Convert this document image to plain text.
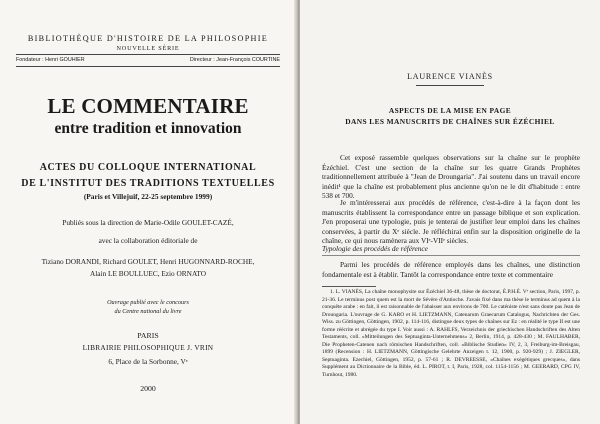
BIBLIOTHÈQUE D'HISTOIRE DE LA PHILOSOPHIE
NOUVELLE SÉRIE
Fondateur : Henri GOUHIER	Directeur : Jean-François COURTINE
LE COMMENTAIRE
entre tradition et innovation
ACTES DU COLLOQUE INTERNATIONAL
DE L'INSTITUT DES TRADITIONS TEXTUELLES
(Paris et Villejuif, 22-25 septembre 1999)
Publiés sous la direction de Marie-Odile GOULET-CAZÉ,
avec la collaboration éditoriale de
Tiziano DORANDI, Richard GOULET, Henri HUGONNARD-ROCHE,
Alain LE BOULLUEC, Ezio ORNATO
Ouvrage publié avec le concours
du Centre national du livre
PARIS
LIBRAIRIE PHILOSOPHIQUE J. VRIN
6, Place de la Sorbonne, Vᵉ
2000
LAURENCE VIANÈS
ASPECTS DE LA MISE EN PAGE
DANS LES MANUSCRITS DE CHAÎNES SUR ÉZÉCHIEL
Cet exposé rassemble quelques observations sur la chaîne sur le prophète Ézéchiel. C'est une section de la chaîne sur les quatre Grands Prophètes traditionnellement attribuée à "Jean de Droungaria". J'ai soutenu dans un travail encore inédit¹ que la chaîne est probablement plus ancienne qu'on ne le dit d'habitude : entre 538 et 700.
Je m'intéresserai aux procédés de référence, c'est-à-dire à la façon dont les manuscrits établissent la correspondance entre un passage biblique et son explication. J'en proposerai une typologie, puis je tenterai de justifier leur emploi dans les chaînes conservées, à partir du Xᵉ siècle. Je réfléchirai enfin sur la disposition originelle de la chaîne, ce qui nous ramènera aux VIᵉ-VIIᵉ siècles.
Typologie des procédés de référence
Parmi les procédés de référence employés dans les chaînes, une distinction fondamentale est à établir. Tantôt la correspondance entre texte et commentaire
1. L. VIANÈS, La chaîne monophysite sur Ézéchiel 36-48, thèse de doctorat, É.P.H.É. Vᵉ section, Paris, 1997, p. 21-36. Le terminus post quem est la mort de Sévère d'Antioche. J'avais fixé dans ma thèse le terminus ad quem à la conquête arabe : en fait, il est raisonnable de l'abaisser aux environs de 700. Le caténiste n'est sans doute pas Jean de Droungaria. L'ouvrage de G. KARO et H. LIETZMANN, Catenarum Graecarum Catalogus, Nachrichten der Ges. Wiss. zu Göttingen, Göttingen, 1902, p. 114-116, distingue deux types de chaînes sur Ez : en réalité le type II est une forme réécrite et abrégée du type I. Voir aussi : A. RAHLFS, Verzeichnis der griechischen Handschriften des Alten Testaments, coll. «Mitteilungen des Septuaginta-Unternehmens» 2, Berlin, 1914, p. 428-430 ; M. FAULHABER, Die Propheten-Catenen nach römischen Handschriften, coll. «Biblische Studien» IV, 2, 3, Freiburg-im-Breisgau, 1899 (Recension : H. LIETZMANN, Göttingische Gelehrte Anzeigen t. 12, 1900, p. 920-929) ; J. ZIEGLER, Septuaginta. Ezechiel, Göttingen, 1952, p. 57-61 ; R. DEVREESSE, «Chaînes exégétiques grecques», dans Supplément au Dictionnaire de la Bible, éd. L. PIROT, t. I, Paris, 1928, col. 1154-1156 ; M. GEERARD, CPG IV, Turnhout, 1980.
